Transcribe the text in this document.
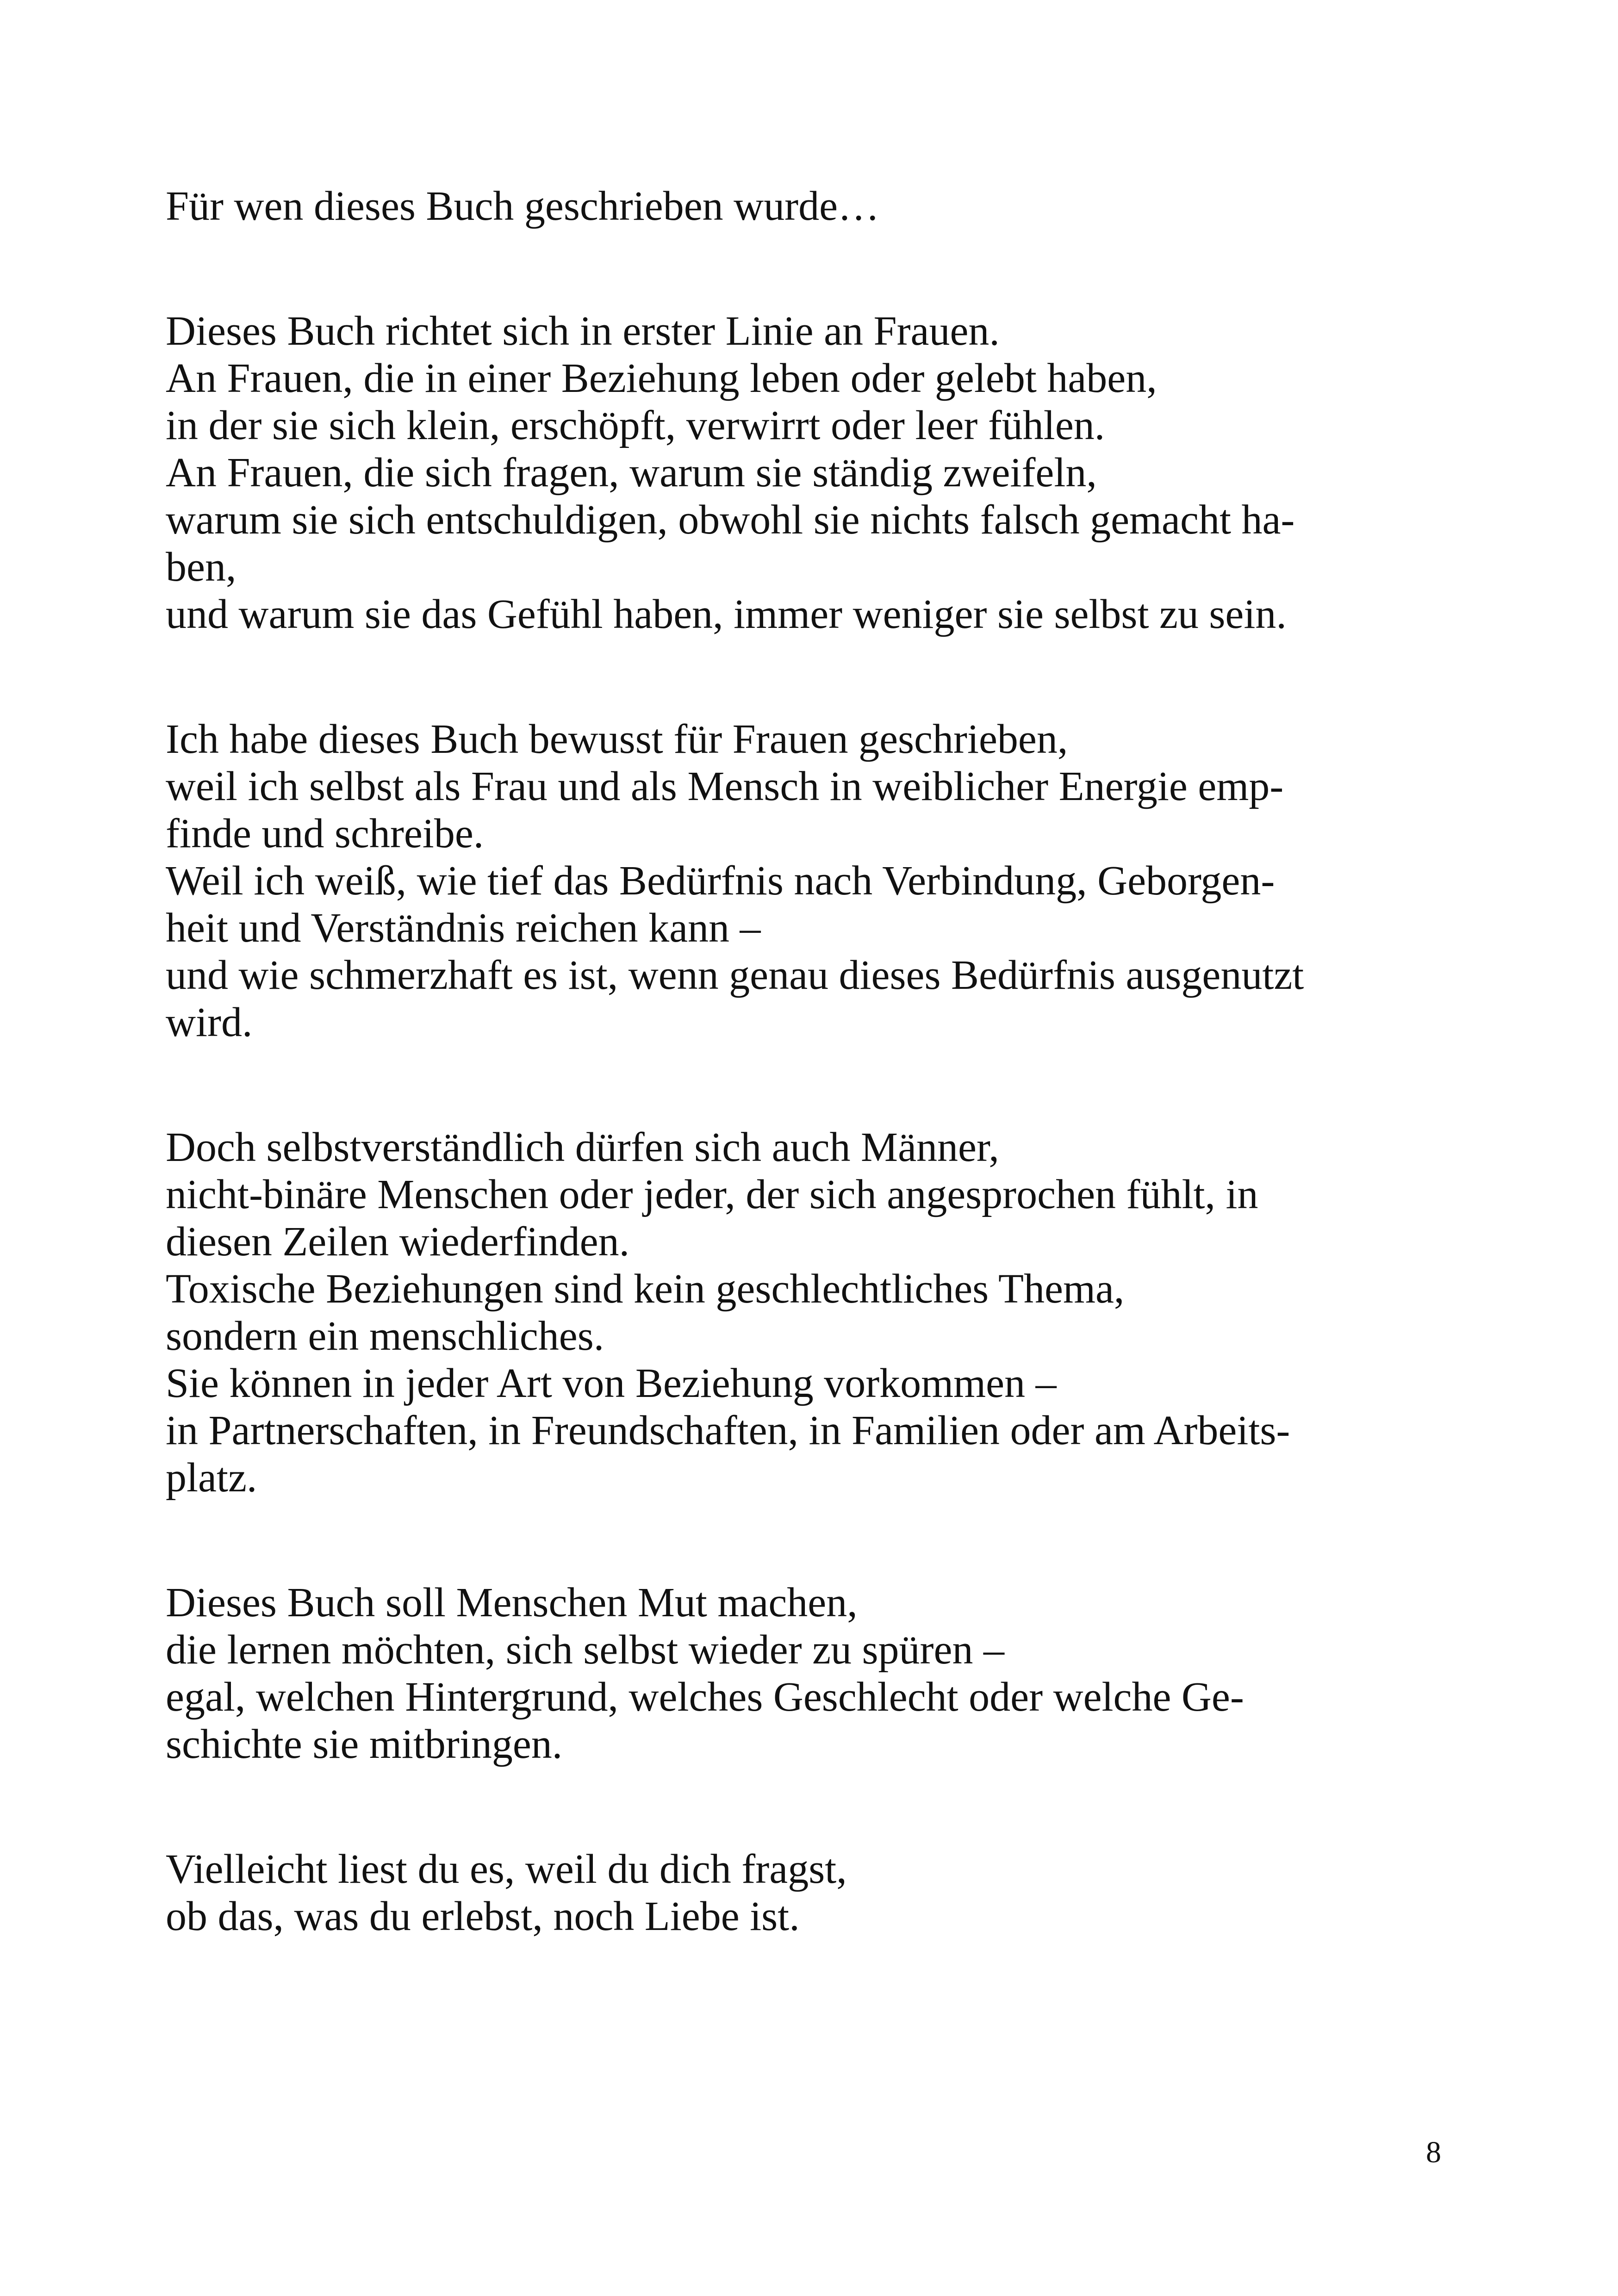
Für wen dieses Buch geschrieben wurde…
Dieses Buch richtet sich in erster Linie an Frauen.
An Frauen, die in einer Beziehung leben oder gelebt haben,
in der sie sich klein, erschöpft, verwirrt oder leer fühlen.
An Frauen, die sich fragen, warum sie ständig zweifeln,
warum sie sich entschuldigen, obwohl sie nichts falsch gemacht ha-
ben,
und warum sie das Gefühl haben, immer weniger sie selbst zu sein.
Ich habe dieses Buch bewusst für Frauen geschrieben,
weil ich selbst als Frau und als Mensch in weiblicher Energie emp-
finde und schreibe.
Weil ich weiß, wie tief das Bedürfnis nach Verbindung, Geborgen-
heit und Verständnis reichen kann –
und wie schmerzhaft es ist, wenn genau dieses Bedürfnis ausgenutzt
wird.
Doch selbstverständlich dürfen sich auch Männer,
nicht-binäre Menschen oder jeder, der sich angesprochen fühlt, in
diesen Zeilen wiederfinden.
Toxische Beziehungen sind kein geschlechtliches Thema,
sondern ein menschliches.
Sie können in jeder Art von Beziehung vorkommen –
in Partnerschaften, in Freundschaften, in Familien oder am Arbeits-
platz.
Dieses Buch soll Menschen Mut machen,
die lernen möchten, sich selbst wieder zu spüren –
egal, welchen Hintergrund, welches Geschlecht oder welche Ge-
schichte sie mitbringen.
Vielleicht liest du es, weil du dich fragst,
ob das, was du erlebst, noch Liebe ist.
8
